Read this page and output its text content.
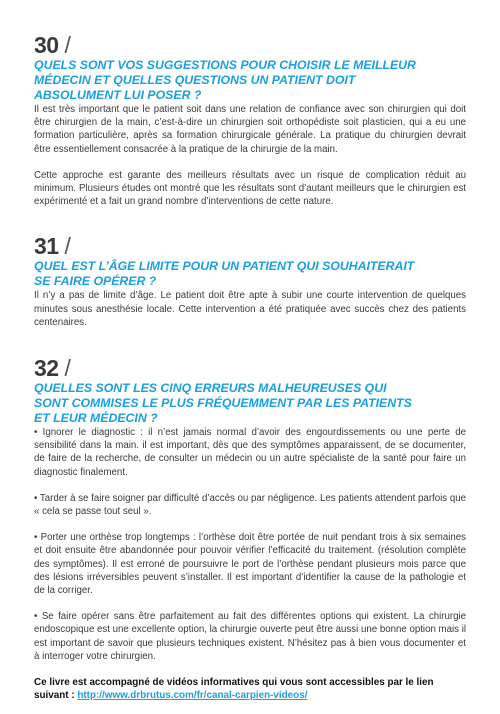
30 /
QUELS SONT VOS SUGGESTIONS POUR CHOISIR LE MEILLEUR
MÉDECIN ET QUELLES QUESTIONS UN PATIENT DOIT
ABSOLUMENT LUI POSER ?

Il est très important que le patient soit dans une relation de confiance avec son chirurgien qui doit être chirurgien de la main, c’est-à-dire un chirurgien soit orthopédiste soit plasticien, qui a eu une formation particulière, après sa formation chirurgicale générale. La pratique du chirurgien devrait être essentiellement consacrée à la pratique de la chirurgie de la main.

Cette approche est garante des meilleurs résultats avec un risque de complication réduit au minimum. Plusieurs études ont montré que les résultats sont d’autant meilleurs que le chirurgien est expérimenté et a fait un grand nombre d’interventions de cette nature.

31 /
QUEL EST L’ÂGE LIMITE POUR UN PATIENT QUI SOUHAITERAIT
SE FAIRE OPÉRER ?

Il n’y a pas de limite d’âge. Le patient doit être apte à subir une courte intervention de quelques minutes sous anesthésie locale. Cette intervention a été pratiquée avec succès chez des patients centenaires.

32 /
QUELLES SONT LES CINQ ERREURS MALHEUREUSES QUI
SONT COMMISES LE PLUS FRÉQUEMMENT PAR LES PATIENTS
ET LEUR MÉDECIN ?

• Ignorer le diagnostic : il n’est jamais normal d’avoir des engourdissements ou une perte de sensibilité dans la main. il est important, dès que des symptômes apparaissent, de se documenter, de faire de la recherche, de consulter un médecin ou un autre spécialiste de la santé pour faire un diagnostic finalement.

• Tarder à se faire soigner par difficulté d’accès ou par négligence. Les patients attendent parfois que « cela se passe tout seul ».

• Porter une orthèse trop longtemps : l’orthèse doit être portée de nuit pendant trois à six semaines et doit ensuite être abandonnée pour pouvoir vérifier l’efficacité du traitement. (résolution complète des symptômes). Il est erroné de poursuivre le port de l’orthèse pendant plusieurs mois parce que des lésions irréversibles peuvent s’installer. Il est important d’identifier la cause de la pathologie et de la corriger.

• Se faire opérer sans être parfaitement au fait des différentes options qui existent. La chirurgie endoscopique est une excellente option, la chirurgie ouverte peut être aussi une bonne option mais il est important de savoir que plusieurs techniques existent. N’hésitez pas à bien vous documenter et à interroger votre chirurgien.

Ce livre est accompagné de vidéos informatives qui vous sont accessibles par le lien suivant : http://www.drbrutus.com/fr/canal-carpien-videos/
